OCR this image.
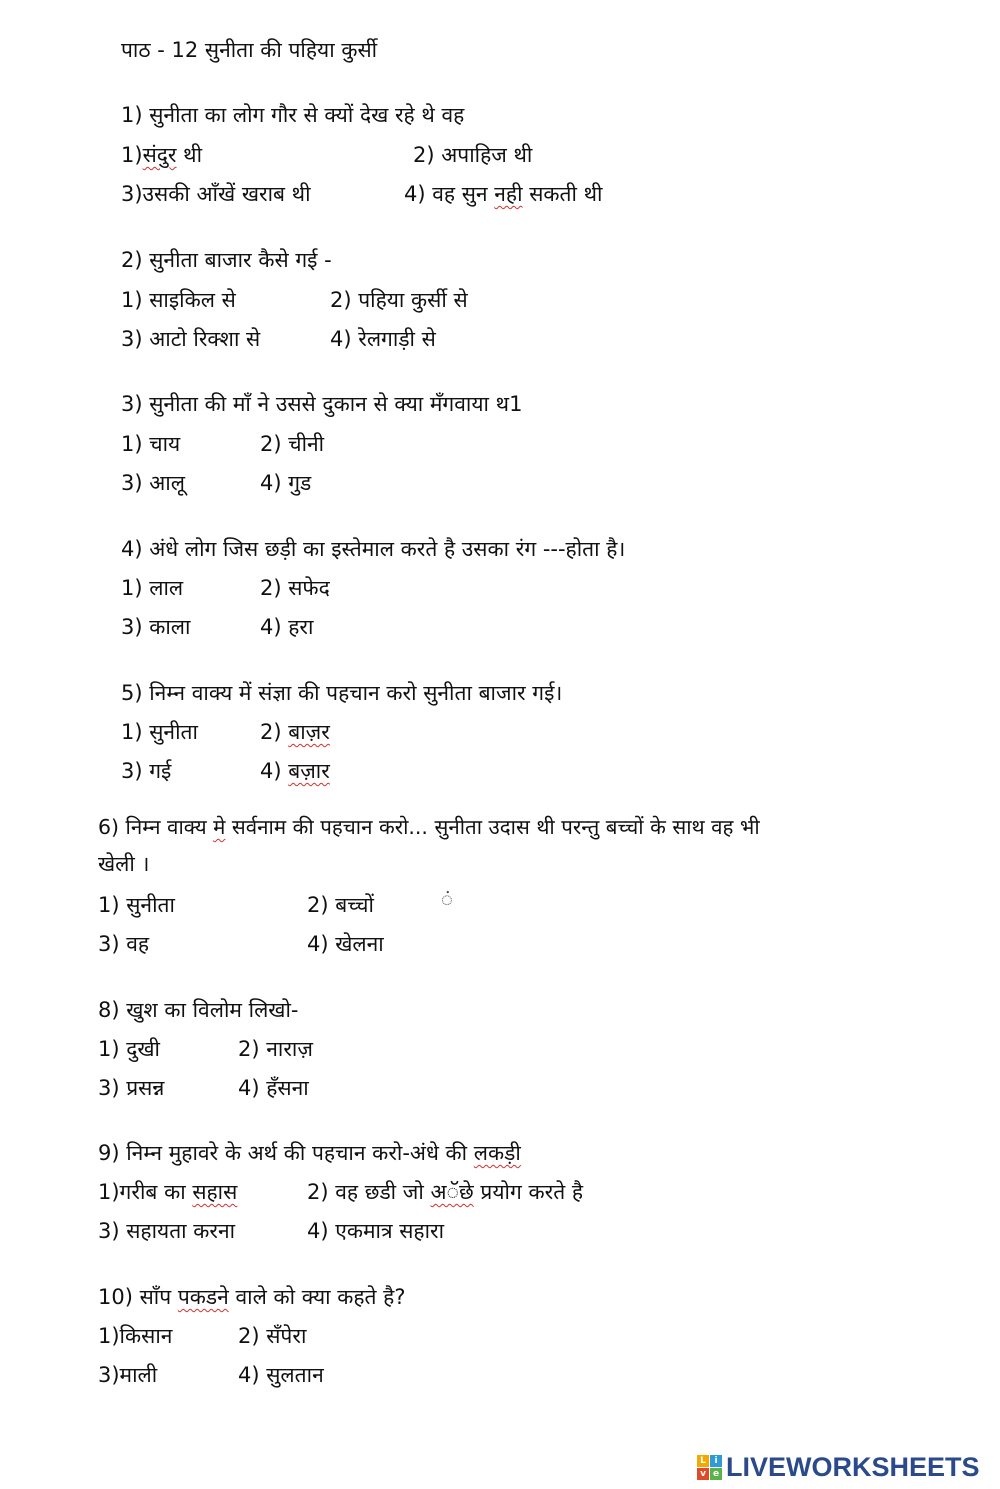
पाठ - 12 सुनीता की पहिया कुर्सी
1) सुनीता का लोग गौर से क्यों देख रहे थे वह
1)संदुर थी	2) अपाहिज थी
3)उसकी आँखें खराब थी	4) वह सुन नही सकती थी
2) सुनीता बाजार कैसे गई -
1) साइकिल से	2) पहिया कुर्सी से
3) आटो रिक्शा से	4) रेलगाड़ी से
3) सुनीता की माँ ने उससे दुकान से क्या मँगवाया थ1
1) चाय	2) चीनी
3) आलू	4) गुड
4) अंधे लोग जिस छड़ी का इस्तेमाल करते है उसका रंग ---होता है।
1) लाल	2) सफेद
3) काला	4) हरा
5) निम्न वाक्य में संज्ञा की पहचान करो सुनीता बाजार गई।
1) सुनीता	2) बाज़र
3) गई	4) बज़ार
6) निम्न वाक्य मे सर्वनाम की पहचान करो... सुनीता उदास थी परन्तु बच्चों के साथ वह भी
खेली ।
1) सुनीता	2) बच्चों	ं
3) वह	4) खेलना
8) खुश का विलोम लिखो-
1) दुखी	2) नाराज़
3) प्रसन्न	4) हँसना
9) निम्न मुहावरे के अर्थ की पहचान करो-अंधे की लकड़ी
1)गरीब का सहास	2) वह छडी जो अॅछे प्रयोग करते है
3) सहायता करना	4) एकमात्र सहारा
10) साँप पकडने वाले को क्या कहते है?
1)किसान	2) सँपेरा
3)माली	4) सुलतान
L i
v e LIVEWORKSHEETS
